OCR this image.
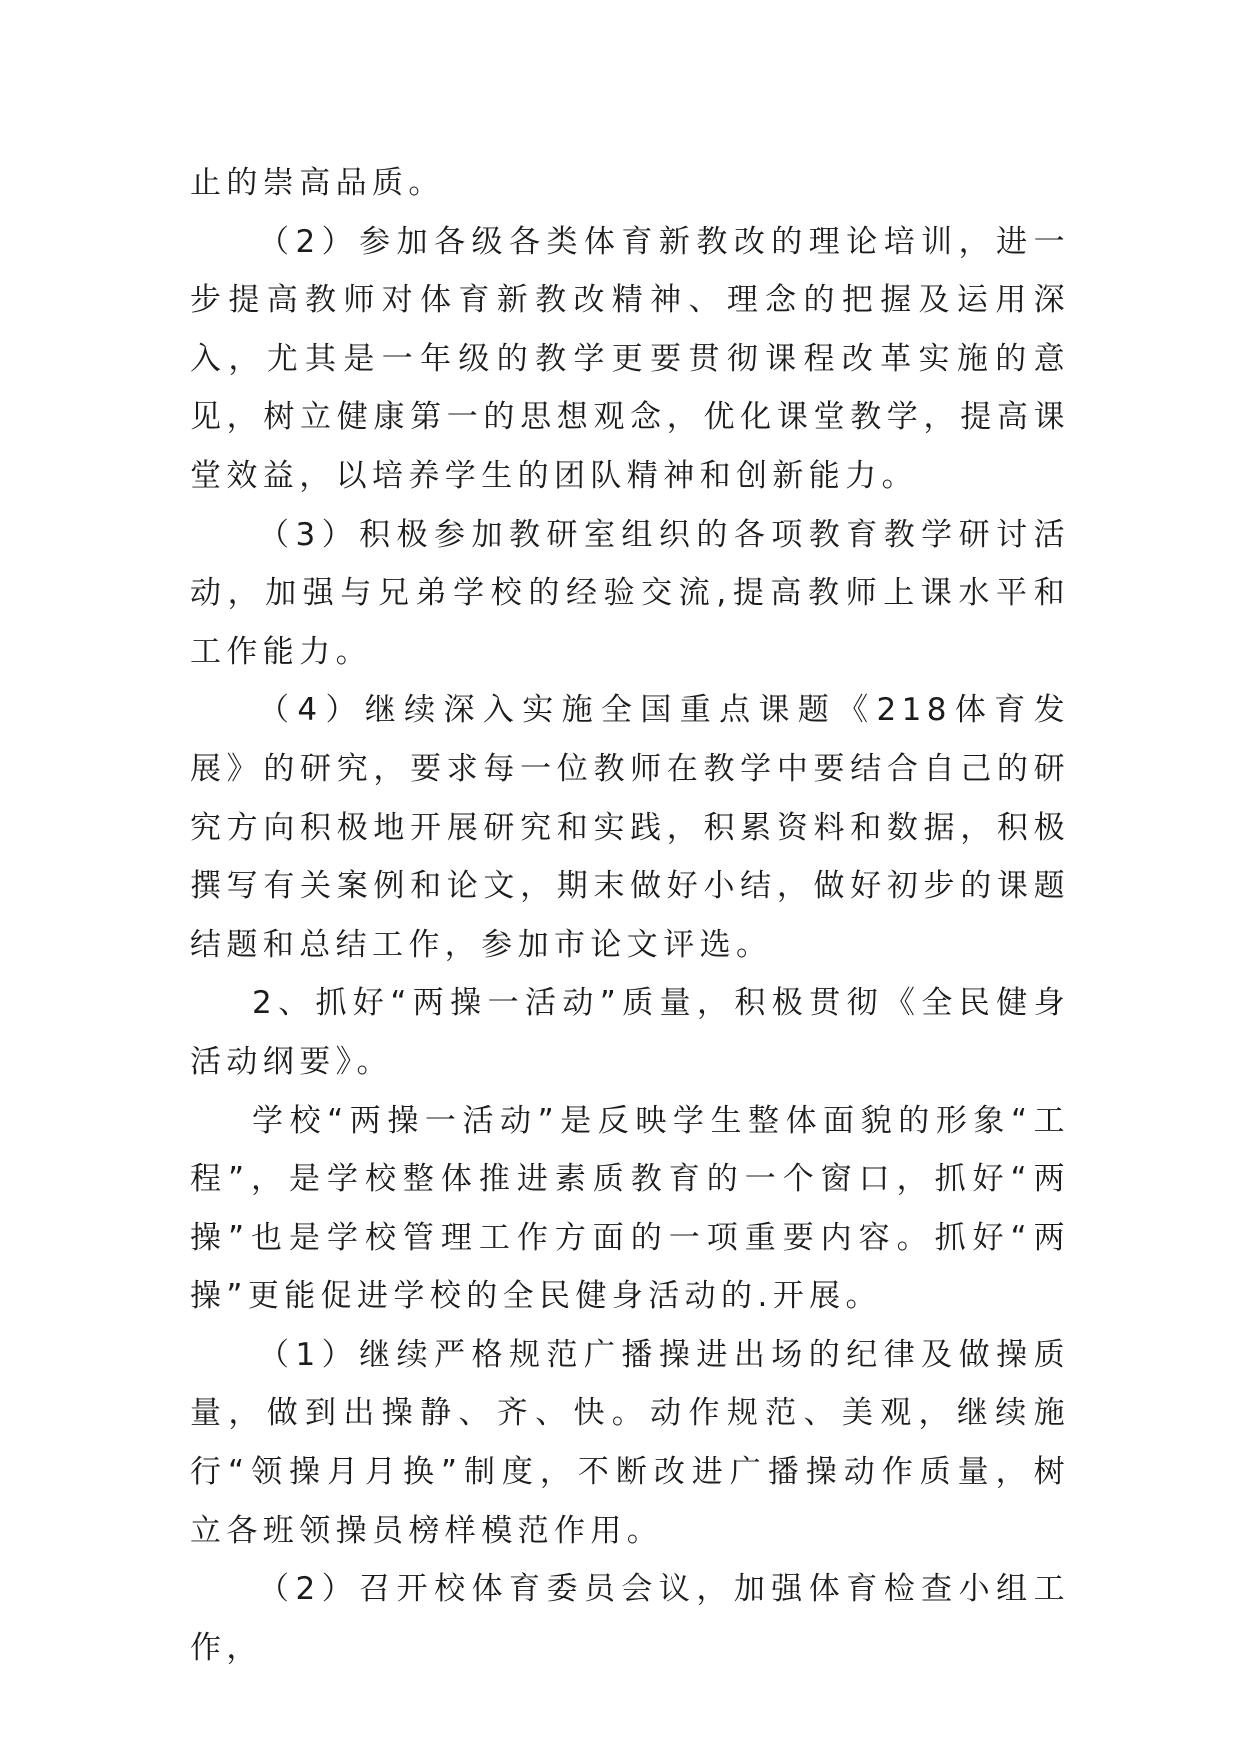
止的崇高品质。

（2）参加各级各类体育新教改的理论培训，进一步提高教师对体育新教改精神、理念的把握及运用深入，尤其是一年级的教学更要贯彻课程改革实施的意见，树立健康第一的思想观念，优化课堂教学，提高课堂效益，以培养学生的团队精神和创新能力。

（3）积极参加教研室组织的各项教育教学研讨活动，加强与兄弟学校的经验交流,提高教师上课水平和工作能力。

（4）继续深入实施全国重点课题《218体育发展》的研究，要求每一位教师在教学中要结合自己的研究方向积极地开展研究和实践，积累资料和数据，积极撰写有关案例和论文，期末做好小结，做好初步的课题结题和总结工作，参加市论文评选。

2、抓好“两操一活动”质量，积极贯彻《全民健身活动纲要》。

学校“两操一活动”是反映学生整体面貌的形象“工程”，是学校整体推进素质教育的一个窗口，抓好“两操”也是学校管理工作方面的一项重要内容。抓好“两操”更能促进学校的全民健身活动的.开展。

（1）继续严格规范广播操进出场的纪律及做操质量，做到出操静、齐、快。动作规范、美观，继续施行“领操月月换”制度，不断改进广播操动作质量，树立各班领操员榜样模范作用。

（2）召开校体育委员会议，加强体育检查小组工作，
